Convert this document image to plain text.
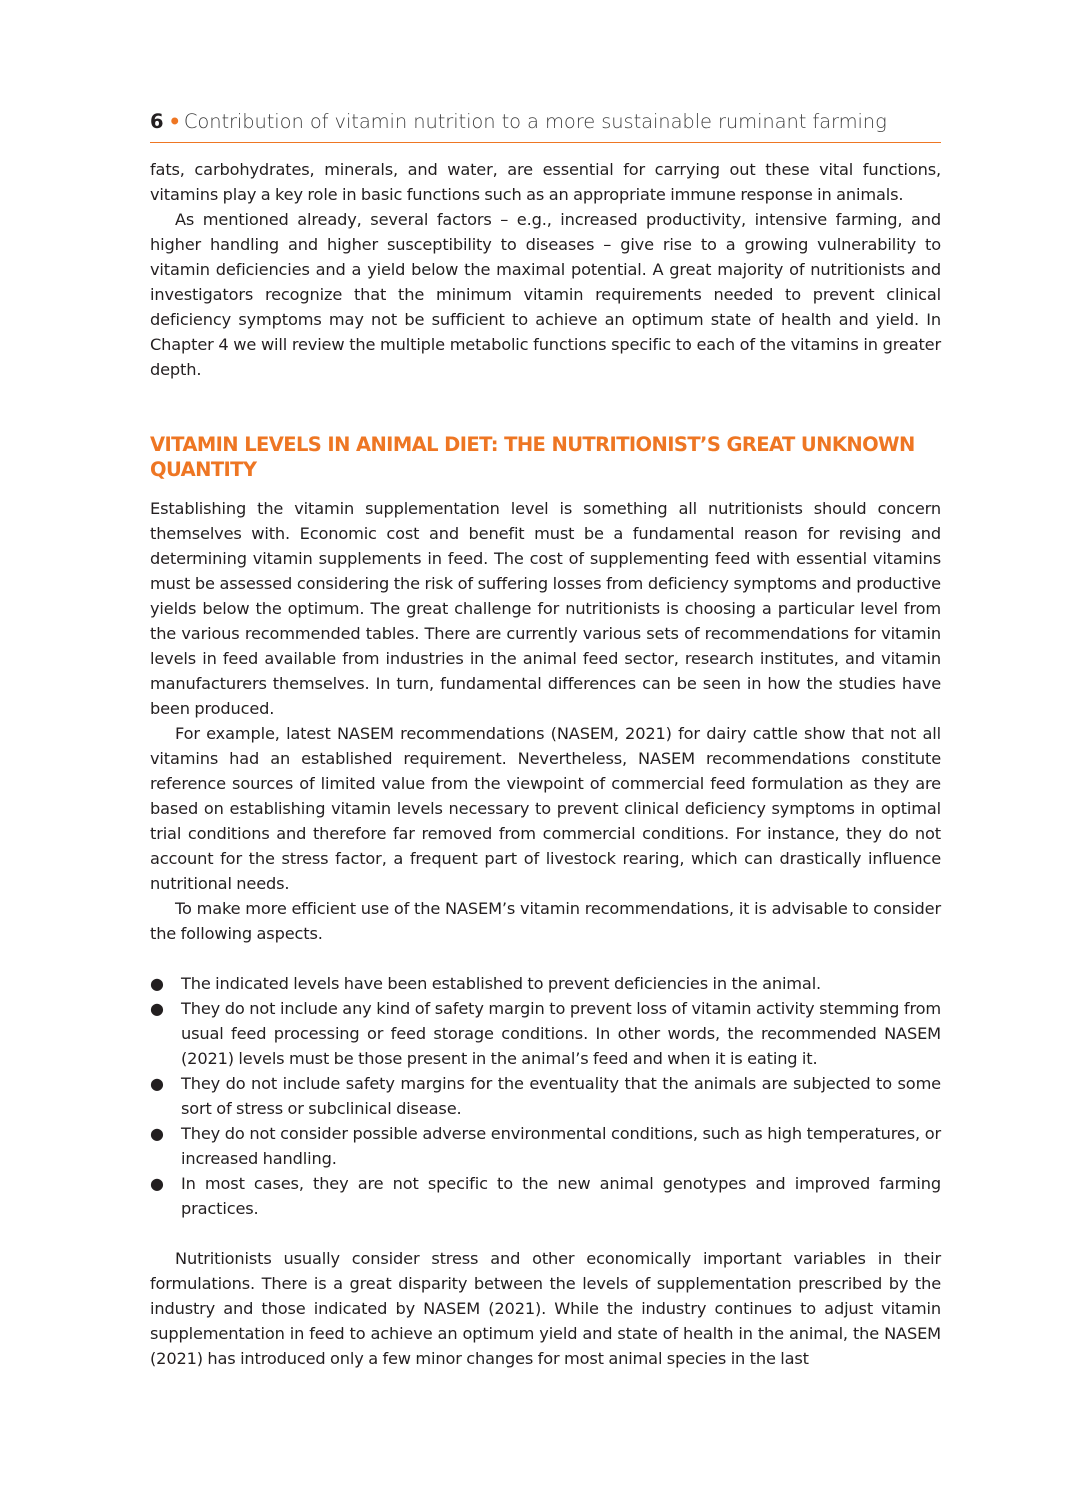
6 • Contribution of vitamin nutrition to a more sustainable ruminant farming

fats, carbohydrates, minerals, and water, are essential for carrying out these vital functions, vitamins play a key role in basic functions such as an appropriate immune response in animals.

As mentioned already, several factors – e.g., increased productivity, intensive farming, and higher handling and higher susceptibility to diseases – give rise to a growing vulnerability to vitamin deficiencies and a yield below the maximal potential. A great majority of nutritionists and investigators recognize that the minimum vitamin requirements needed to prevent clinical deficiency symptoms may not be sufficient to achieve an optimum state of health and yield. In Chapter 4 we will review the multiple metabolic functions specific to each of the vitamins in greater depth.

VITAMIN LEVELS IN ANIMAL DIET: THE NUTRITIONIST’S GREAT UNKNOWN QUANTITY

Establishing the vitamin supplementation level is something all nutritionists should concern themselves with. Economic cost and benefit must be a fundamental reason for revising and determining vitamin supplements in feed. The cost of supplementing feed with essential vitamins must be assessed considering the risk of suffering losses from deficiency symptoms and productive yields below the optimum. The great challenge for nutritionists is choosing a particular level from the various recommended tables. There are currently various sets of recommendations for vitamin levels in feed available from industries in the animal feed sector, research institutes, and vitamin manufacturers themselves. In turn, fundamental differences can be seen in how the studies have been produced.

For example, latest NASEM recommendations (NASEM, 2021) for dairy cattle show that not all vitamins had an established requirement. Nevertheless, NASEM recommendations constitute reference sources of limited value from the viewpoint of commercial feed formulation as they are based on establishing vitamin levels necessary to prevent clinical deficiency symptoms in optimal trial conditions and therefore far removed from commercial conditions. For instance, they do not account for the stress factor, a frequent part of livestock rearing, which can drastically influence nutritional needs.

To make more efficient use of the NASEM’s vitamin recommendations, it is advisable to consider the following aspects.

● The indicated levels have been established to prevent deficiencies in the animal.
● They do not include any kind of safety margin to prevent loss of vitamin activity stemming from usual feed processing or feed storage conditions. In other words, the recommended NASEM (2021) levels must be those present in the animal’s feed and when it is eating it.
● They do not include safety margins for the eventuality that the animals are subjected to some sort of stress or subclinical disease.
● They do not consider possible adverse environmental conditions, such as high temperatures, or increased handling.
● In most cases, they are not specific to the new animal genotypes and improved farming practices.

Nutritionists usually consider stress and other economically important variables in their formulations. There is a great disparity between the levels of supplementation prescribed by the industry and those indicated by NASEM (2021). While the industry continues to adjust vitamin supplementation in feed to achieve an optimum yield and state of health in the animal, the NASEM (2021) has introduced only a few minor changes for most animal species in the last
